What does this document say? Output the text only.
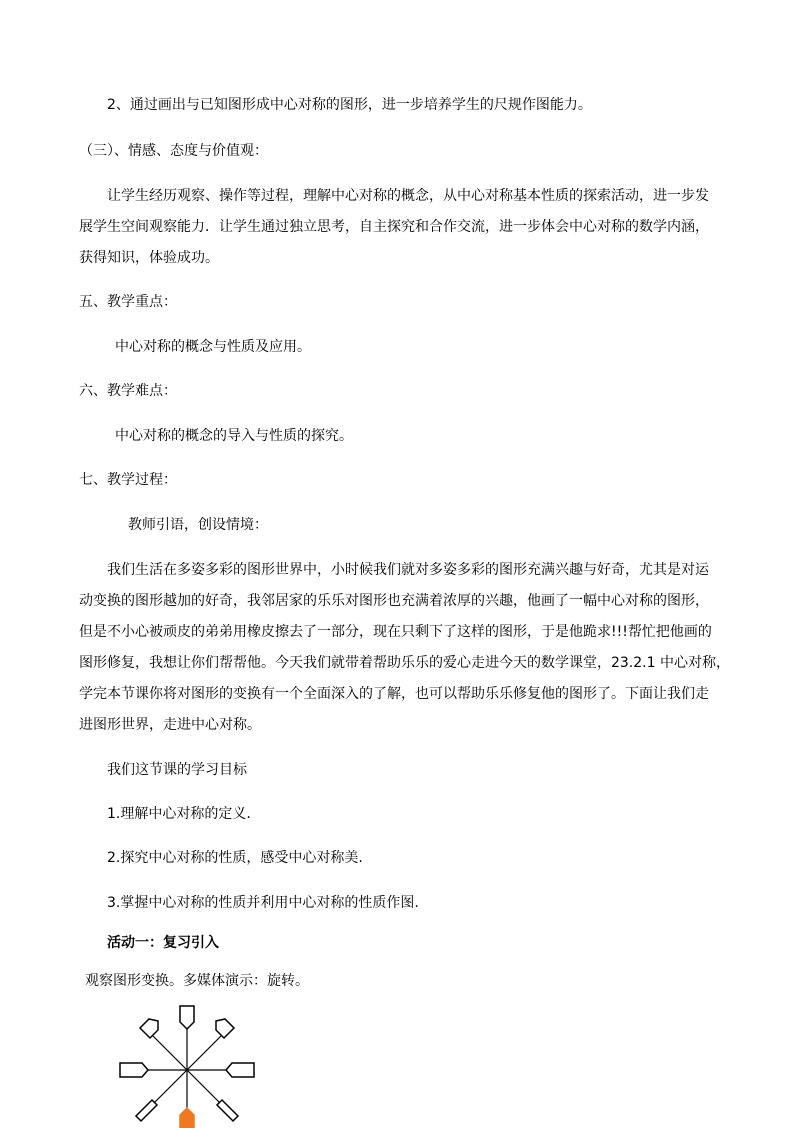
2、通过画出与已知图形成中心对称的图形，进一步培养学生的尺规作图能力。
（三）、情感、态度与价值观：
让学生经历观察、操作等过程，理解中心对称的概念，从中心对称基本性质的探索活动，进一步发
展学生空间观察能力．让学生通过独立思考，自主探究和合作交流，进一步体会中心对称的数学内涵，
获得知识，体验成功。
五、教学重点：
中心对称的概念与性质及应用。
六、教学难点：
中心对称的概念的导入与性质的探究。
七、教学过程：
教师引语，创设情境：
我们生活在多姿多彩的图形世界中，小时候我们就对多姿多彩的图形充满兴趣与好奇，尤其是对运
动变换的图形越加的好奇，我邻居家的乐乐对图形也充满着浓厚的兴趣，他画了一幅中心对称的图形，
但是不小心被顽皮的弟弟用橡皮擦去了一部分，现在只剩下了这样的图形，于是他跪求!!!帮忙把他画的
图形修复，我想让你们帮帮他。今天我们就带着帮助乐乐的爱心走进今天的数学课堂，23.2.1 中心对称，
学完本节课你将对图形的变换有一个全面深入的了解，也可以帮助乐乐修复他的图形了。下面让我们走
进图形世界，走进中心对称。
我们这节课的学习目标
1.理解中心对称的定义.
2.探究中心对称的性质，感受中心对称美.
3.掌握中心对称的性质并利用中心对称的性质作图.
活动一：复习引入
观察图形变换。多媒体演示：旋转。
